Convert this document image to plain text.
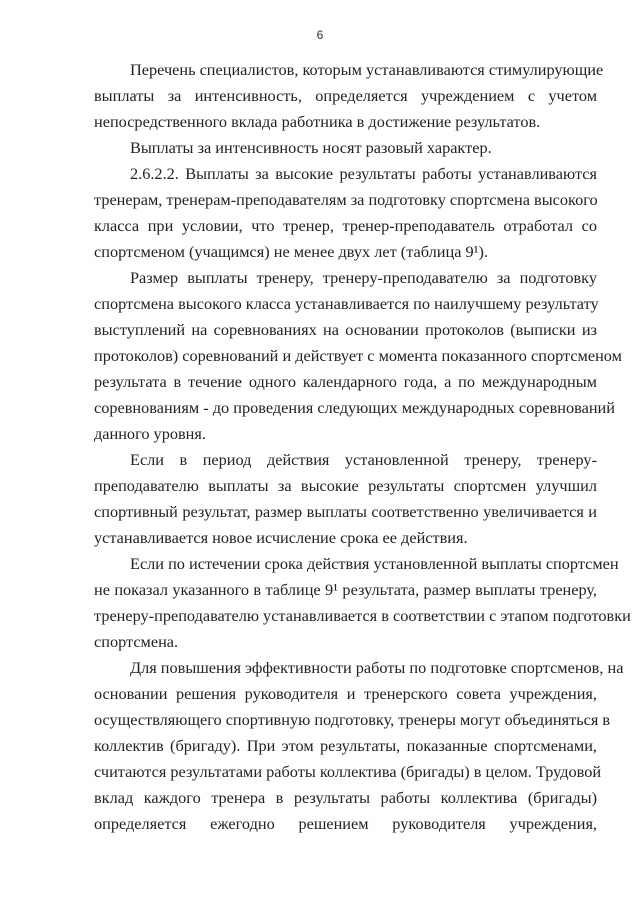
6
Перечень специалистов, которым устанавливаются стимулирующие
выплаты за интенсивность, определяется учреждением с учетом
непосредственного вклада работника в достижение результатов.
Выплаты за интенсивность носят разовый характер.
2.6.2.2. Выплаты за высокие результаты работы устанавливаются
тренерам, тренерам-преподавателям за подготовку спортсмена высокого
класса при условии, что тренер, тренер-преподаватель отработал со
спортсменом (учащимся) не менее двух лет (таблица 9¹).
Размер выплаты тренеру, тренеру-преподавателю за подготовку
спортсмена высокого класса устанавливается по наилучшему результату
выступлений на соревнованиях на основании протоколов (выписки из
протоколов) соревнований и действует с момента показанного спортсменом
результата в течение одного календарного года, а по международным
соревнованиям - до проведения следующих международных соревнований
данного уровня.
Если в период действия установленной тренеру, тренеру-
преподавателю выплаты за высокие результаты спортсмен улучшил
спортивный результат, размер выплаты соответственно увеличивается и
устанавливается новое исчисление срока ее действия.
Если по истечении срока действия установленной выплаты спортсмен
не показал указанного в таблице 9¹ результата, размер выплаты тренеру,
тренеру-преподавателю устанавливается в соответствии с этапом подготовки
спортсмена.
Для повышения эффективности работы по подготовке спортсменов, на
основании решения руководителя и тренерского совета учреждения,
осуществляющего спортивную подготовку, тренеры могут объединяться в
коллектив (бригаду). При этом результаты, показанные спортсменами,
считаются результатами работы коллектива (бригады) в целом. Трудовой
вклад каждого тренера в результаты работы коллектива (бригады)
определяется ежегодно решением руководителя учреждения,
